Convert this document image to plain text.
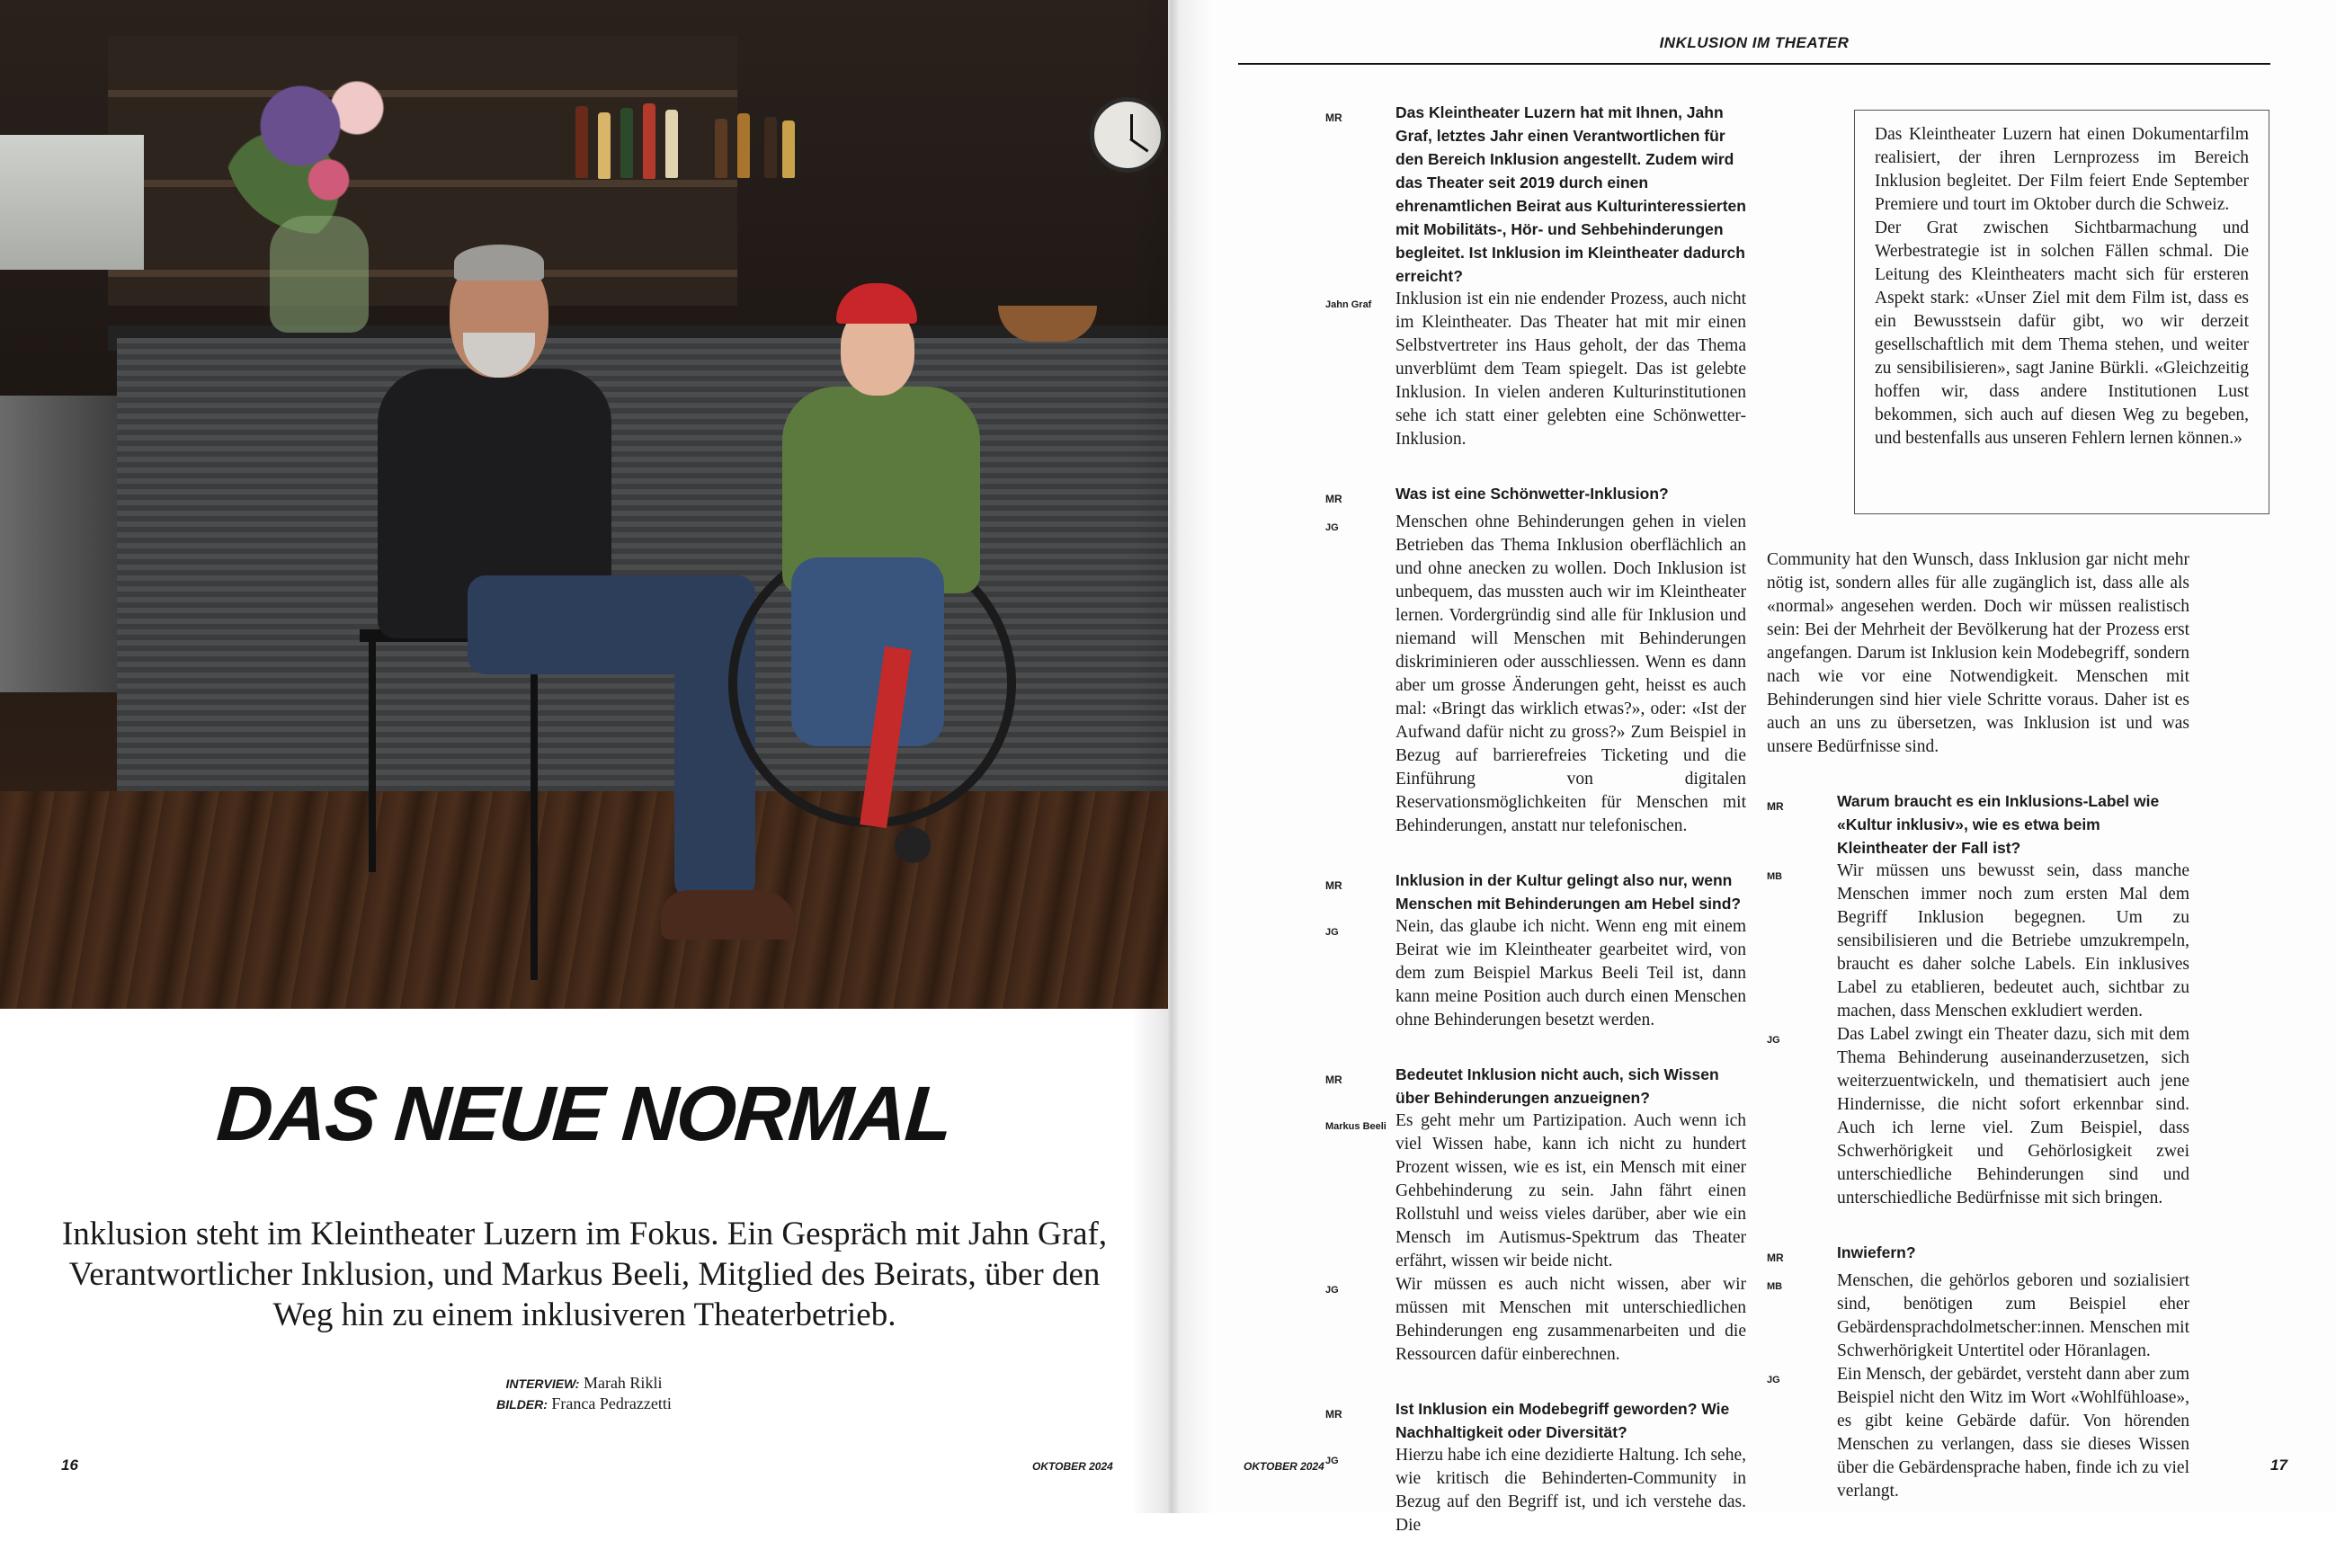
DAS NEUE NORMAL
Inklusion steht im Kleintheater Luzern im Fokus. Ein Gespräch mit Jahn Graf, Verantwortlicher Inklusion, und Markus Beeli, Mitglied des Beirats, über den Weg hin zu einem inklusiveren Theaterbetrieb.
INTERVIEW: Marah Rikli
BILDER: Franca Pedrazzetti
16	OKTOBER 2024
INKLUSION IM THEATER
MR	Das Kleintheater Luzern hat mit Ihnen, Jahn Graf, letztes Jahr einen Verantwortlichen für den Bereich Inklusion angestellt. Zudem wird das Theater seit 2019 durch einen ehrenamtlichen Beirat aus Kulturinteressierten mit Mobilitäts-, Hör- und Sehbehinderungen begleitet. Ist Inklusion im Kleintheater dadurch erreicht?
Jahn Graf	Inklusion ist ein nie endender Prozess, auch nicht im Kleintheater. Das Theater hat mit mir einen Selbstvertreter ins Haus geholt, der das Thema unverblümt dem Team spiegelt. Das ist gelebte Inklusion. In vielen anderen Kulturinstitutionen sehe ich statt einer gelebten eine Schönwetter-Inklusion.
MR	Was ist eine Schönwetter-Inklusion?
JG	Menschen ohne Behinderungen gehen in vielen Betrieben das Thema Inklusion oberflächlich an und ohne anecken zu wollen. Doch Inklusion ist unbequem, das mussten auch wir im Kleintheater lernen. Vordergründig sind alle für Inklusion und niemand will Menschen mit Behinderungen diskriminieren oder ausschliessen. Wenn es dann aber um grosse Änderungen geht, heisst es auch mal: «Bringt das wirklich etwas?», oder: «Ist der Aufwand dafür nicht zu gross?» Zum Beispiel in Bezug auf barrierefreies Ticketing und die Einführung von digitalen Reservationsmöglichkeiten für Menschen mit Behinderungen, anstatt nur telefonischen.
MR	Inklusion in der Kultur gelingt also nur, wenn Menschen mit Behinderungen am Hebel sind?
JG	Nein, das glaube ich nicht. Wenn eng mit einem Beirat wie im Kleintheater gearbeitet wird, von dem zum Beispiel Markus Beeli Teil ist, dann kann meine Position auch durch einen Menschen ohne Behinderungen besetzt werden.
MR	Bedeutet Inklusion nicht auch, sich Wissen über Behinderungen anzueignen?
Markus Beeli Es geht mehr um Partizipation. Auch wenn ich viel Wissen habe, kann ich nicht zu hundert Prozent wissen, wie es ist, ein Mensch mit einer Gehbehinderung zu sein. Jahn fährt einen Rollstuhl und weiss vieles darüber, aber wie ein Mensch im Autismus-Spektrum das Theater erfährt, wissen wir beide nicht.
JG	Wir müssen es auch nicht wissen, aber wir müssen mit Menschen mit unterschiedlichen Behinderungen eng zusammenarbeiten und die Ressourcen dafür einberechnen.
MR	Ist Inklusion ein Modebegriff geworden? Wie Nachhaltigkeit oder Diversität?
JG	Hierzu habe ich eine dezidierte Haltung. Ich sehe, wie kritisch die Behinderten-Community in Bezug auf den Begriff ist, und ich verstehe das. Die

Das Kleintheater Luzern hat einen Dokumentarfilm realisiert, der ihren Lernprozess im Bereich Inklusion begleitet. Der Film feiert Ende September Premiere und tourt im Oktober durch die Schweiz.

Der Grat zwischen Sichtbarmachung und Werbestrategie ist in solchen Fällen schmal. Die Leitung des Kleintheaters macht sich für ersteren Aspekt stark: «Unser Ziel mit dem Film ist, dass es ein Bewusstsein dafür gibt, wo wir derzeit gesellschaftlich mit dem Thema stehen, und weiter zu sensibilisieren», sagt Janine Bürkli. «Gleichzeitig hoffen wir, dass andere Institutionen Lust bekommen, sich auch auf diesen Weg zu begeben, und bestenfalls aus unseren Fehlern lernen können.»

Community hat den Wunsch, dass Inklusion gar nicht mehr nötig ist, sondern alles für alle zugänglich ist, dass alle als «normal» angesehen werden. Doch wir müssen realistisch sein: Bei der Mehrheit der Bevölkerung hat der Prozess erst angefangen. Darum ist Inklusion kein Modebegriff, sondern nach wie vor eine Notwendigkeit. Menschen mit Behinderungen sind hier viele Schritte voraus. Daher ist es auch an uns zu übersetzen, was Inklusion ist und was unsere Bedürfnisse sind.
MR	Warum braucht es ein Inklusions-Label wie «Kultur inklusiv», wie es etwa beim Kleintheater der Fall ist?
MB	Wir müssen uns bewusst sein, dass manche Menschen immer noch zum ersten Mal dem Begriff Inklusion begegnen. Um zu sensibilisieren und die Betriebe umzukrempeln, braucht es daher solche Labels. Ein inklusives Label zu etablieren, bedeutet auch, sichtbar zu machen, dass Menschen exkludiert werden.
JG	Das Label zwingt ein Theater dazu, sich mit dem Thema Behinderung auseinanderzusetzen, sich weiterzuentwickeln, und thematisiert auch jene Hindernisse, die nicht sofort erkennbar sind. Auch ich lerne viel. Zum Beispiel, dass Schwerhörigkeit und Gehörlosigkeit zwei unterschiedliche Behinderungen sind und unterschiedliche Bedürfnisse mit sich bringen.
MR	Inwiefern?
MB	Menschen, die gehörlos geboren und sozialisiert sind, benötigen zum Beispiel eher Gebärdensprachdolmetscher:innen. Menschen mit Schwerhörigkeit Untertitel oder Höranlagen.
JG	Ein Mensch, der gebärdet, versteht dann aber zum Beispiel nicht den Witz im Wort «Wohlfühloase», es gibt keine Gebärde dafür. Von hörenden Menschen zu verlangen, dass sie dieses Wissen über die Gebärdensprache haben, finde ich zu viel verlangt.
OKTOBER 2024	17
